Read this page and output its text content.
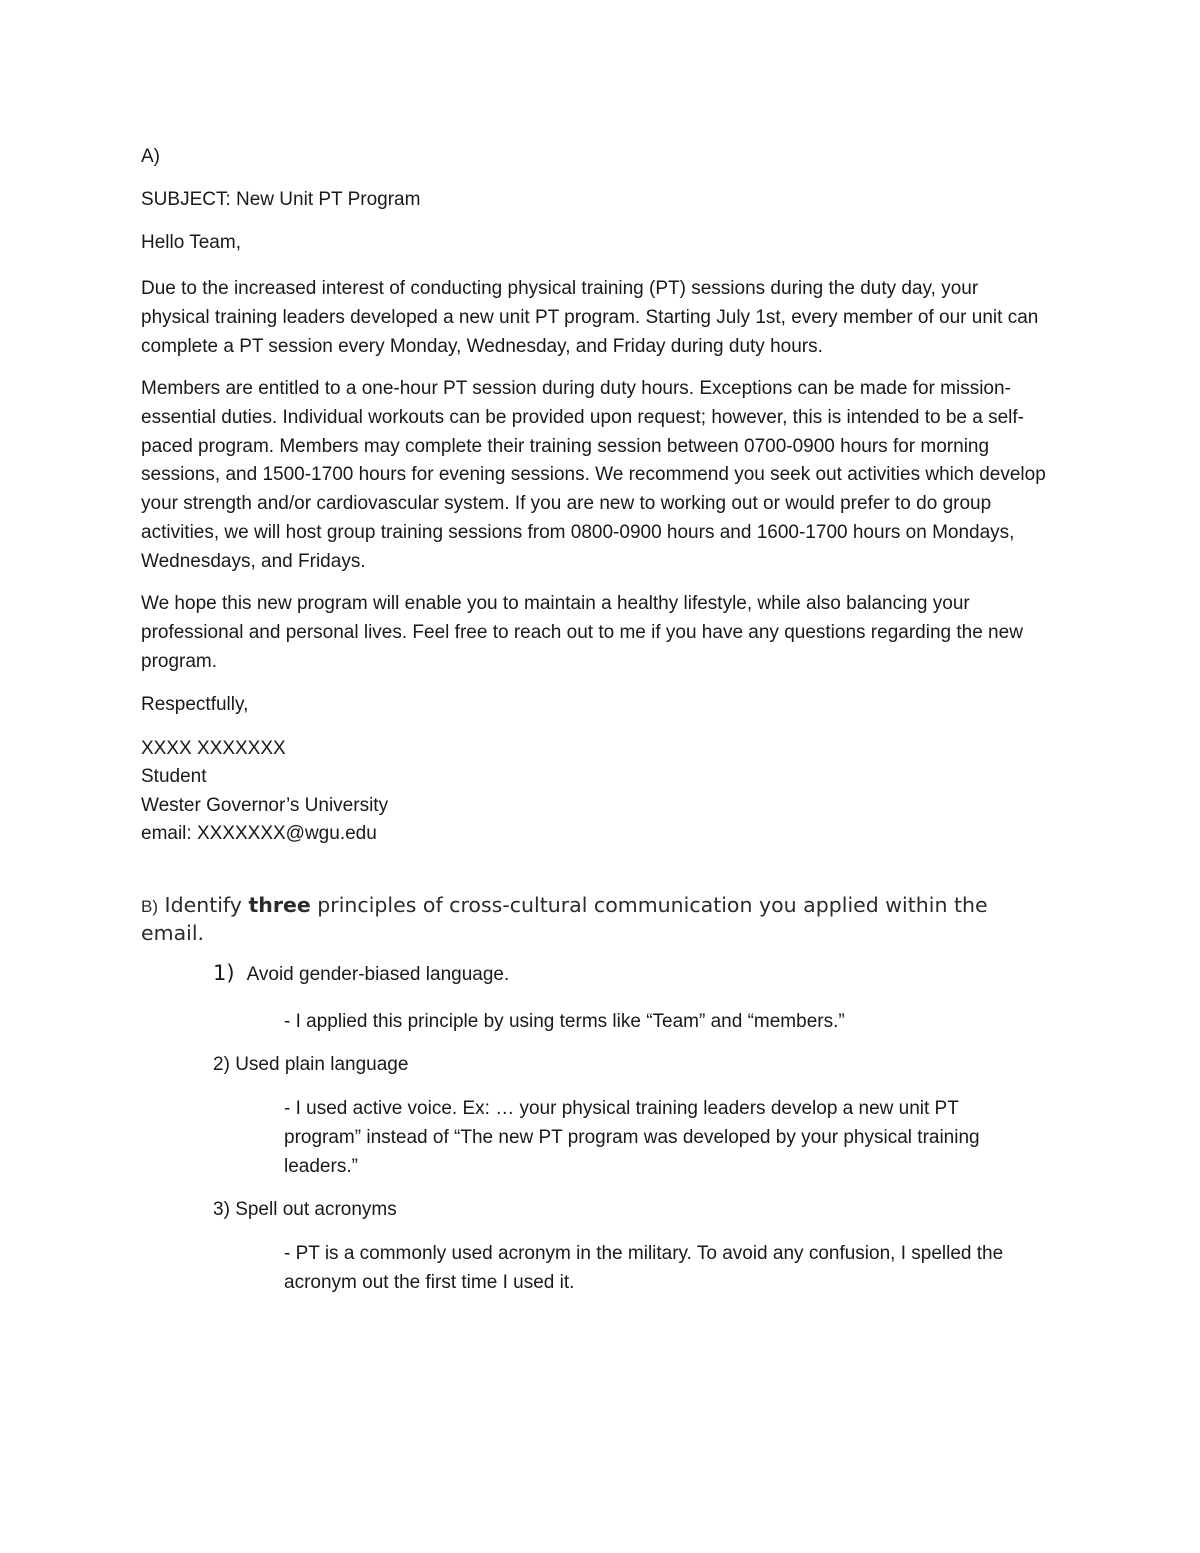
A)

SUBJECT: New Unit PT Program

Hello Team,

Due to the increased interest of conducting physical training (PT) sessions during the duty day, your physical training leaders developed a new unit PT program. Starting July 1st, every member of our unit can complete a PT session every Monday, Wednesday, and Friday during duty hours.

Members are entitled to a one-hour PT session during duty hours. Exceptions can be made for mission-essential duties. Individual workouts can be provided upon request; however, this is intended to be a self-paced program. Members may complete their training session between 0700-0900 hours for morning sessions, and 1500-1700 hours for evening sessions. We recommend you seek out activities which develop your strength and/or cardiovascular system. If you are new to working out or would prefer to do group activities, we will host group training sessions from 0800-0900 hours and 1600-1700 hours on Mondays, Wednesdays, and Fridays.

We hope this new program will enable you to maintain a healthy lifestyle, while also balancing your professional and personal lives. Feel free to reach out to me if you have any questions regarding the new program.

Respectfully,

XXXX XXXXXXX
Student
Wester Governor’s University
email: XXXXXXX@wgu.edu

B) Identify three principles of cross-cultural communication you applied within the email.

1) Avoid gender-biased language.

- I applied this principle by using terms like “Team” and “members.”

2) Used plain language

- I used active voice. Ex: … your physical training leaders develop a new unit PT program” instead of “The new PT program was developed by your physical training leaders.”

3) Spell out acronyms

- PT is a commonly used acronym in the military. To avoid any confusion, I spelled the acronym out the first time I used it.
